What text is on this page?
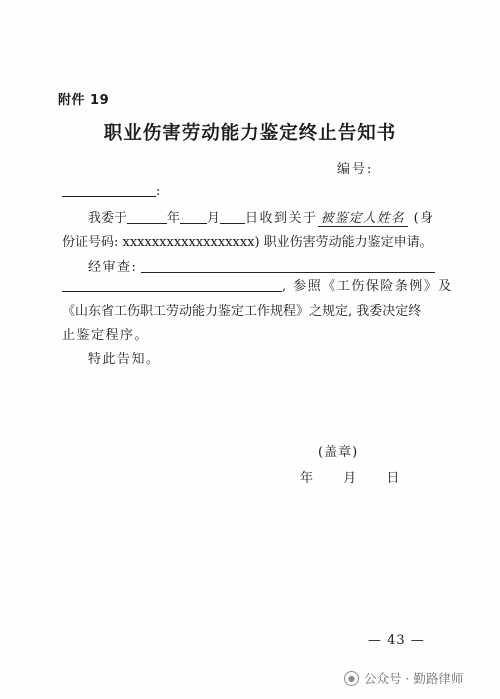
附件 19
职业伤害劳动能力鉴定终止告知书
编号:
:
我委于	年 月 日收到关于 被鉴定人姓名 (身
份证号码: xxxxxxxxxxxxxxxxxx) 职业伤害劳动能力鉴定申请。
经审查:
, 参照《工伤保险条例》及
《山东省工伤职工劳动能力鉴定工作规程》之规定, 我委决定终
止鉴定程序。
特此告知。
(盖章)
年 月 日
— 43 —
● 公众号 · 勤路律师
